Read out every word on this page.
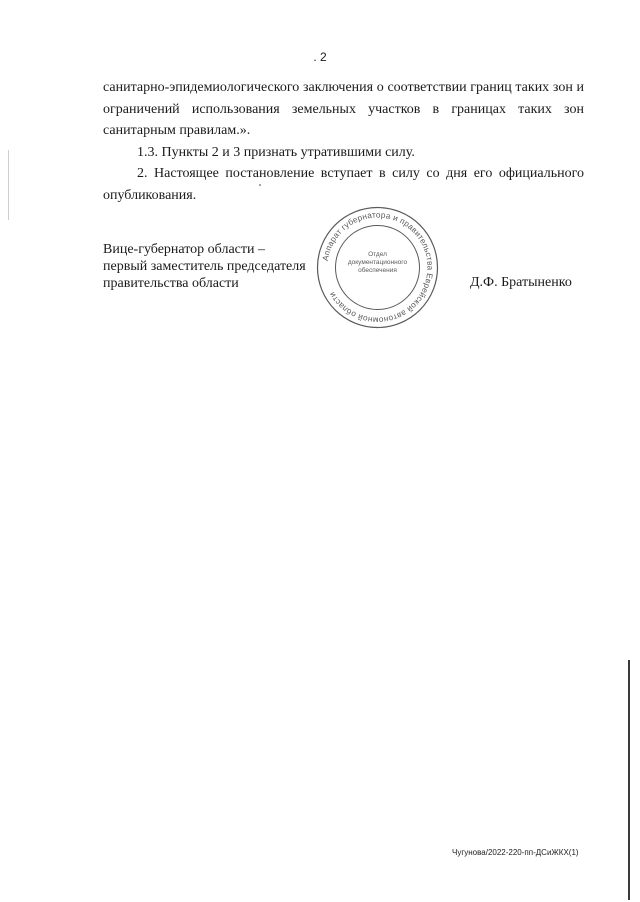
. 2

санитарно-эпидемиологического заключения о соответствии границ таких зон и ограничений использования земельных участков в границах таких зон санитарным правилам.».

1.3. Пункты 2 и 3 признать утратившими силу.

2. Настоящее постановление вступает в силу со дня его официального опубликования.

Вице-губернатор области –
первый заместитель председателя
правительства области
Аппарат губернатора и правительства Еврейской автономной области
Отдел документационного обеспечения
Д.Ф. Братыненко
Чугунова/2022-220-пп-ДСиЖКХ(1)
